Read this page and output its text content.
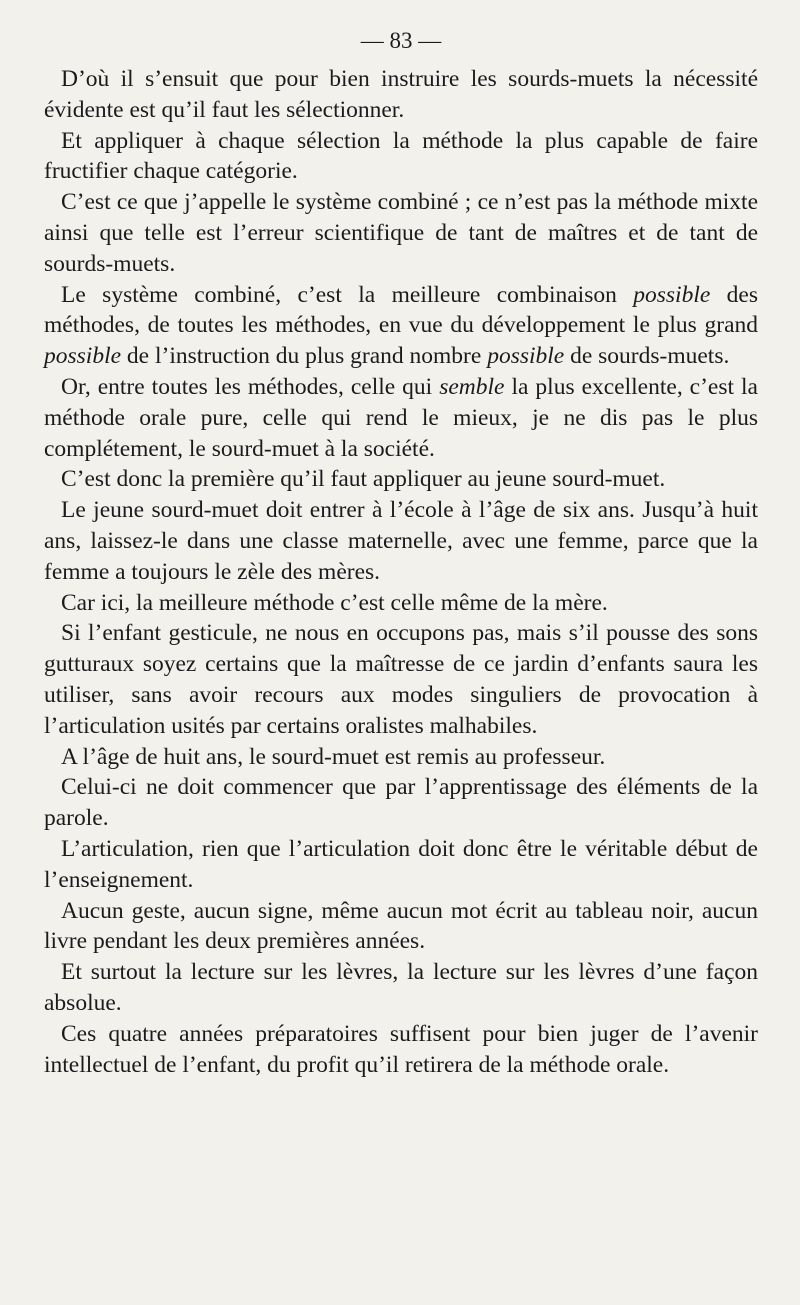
— 83 —

D’où il s’ensuit que pour bien instruire les sourds-muets la nécessité évidente est qu’il faut les sélectionner.

Et appliquer à chaque sélection la méthode la plus capable de faire fructifier chaque catégorie.

C’est ce que j’appelle le système combiné ; ce n’est pas la méthode mixte ainsi que telle est l’erreur scientifique de tant de maîtres et de tant de sourds-muets.

Le système combiné, c’est la meilleure combinaison possible des méthodes, de toutes les méthodes, en vue du développement le plus grand possible de l’instruction du plus grand nombre possible de sourds-muets.

Or, entre toutes les méthodes, celle qui semble la plus excellente, c’est la méthode orale pure, celle qui rend le mieux, je ne dis pas le plus complétement, le sourd-muet à la société.

C’est donc la première qu’il faut appliquer au jeune sourd-muet.

Le jeune sourd-muet doit entrer à l’école à l’âge de six ans. Jusqu’à huit ans, laissez-le dans une classe maternelle, avec une femme, parce que la femme a toujours le zèle des mères.

Car ici, la meilleure méthode c’est celle même de la mère.

Si l’enfant gesticule, ne nous en occupons pas, mais s’il pousse des sons gutturaux soyez certains que la maîtresse de ce jardin d’enfants saura les utiliser, sans avoir recours aux modes singuliers de provocation à l’articulation usités par certains oralistes malhabiles.

A l’âge de huit ans, le sourd-muet est remis au professeur.

Celui-ci ne doit commencer que par l’apprentissage des éléments de la parole.

L’articulation, rien que l’articulation doit donc être le véritable début de l’enseignement.

Aucun geste, aucun signe, même aucun mot écrit au tableau noir, aucun livre pendant les deux premières années.

Et surtout la lecture sur les lèvres, la lecture sur les lèvres d’une façon absolue.

Ces quatre années préparatoires suffisent pour bien juger de l’avenir intellectuel de l’enfant, du profit qu’il retirera de la méthode orale.
